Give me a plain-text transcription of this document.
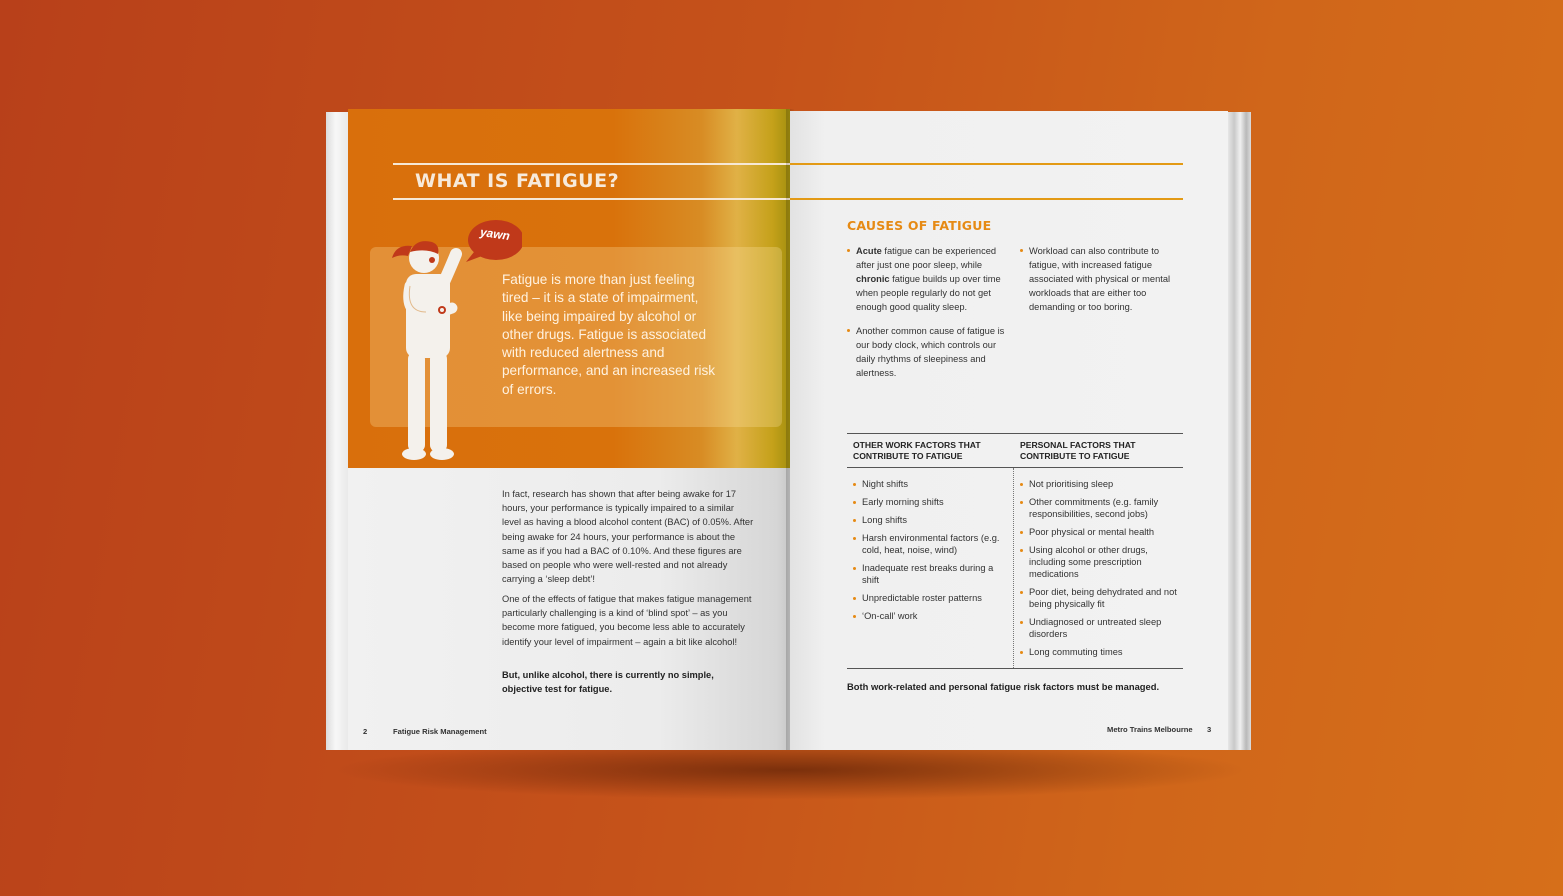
WHAT IS FATIGUE?
yawn

Fatigue is more than just feeling tired – it is a state of impairment, like being impaired by alcohol or other drugs. Fatigue is associated with reduced alertness and performance, and an increased risk of errors.

In fact, research has shown that after being awake for 17 hours, your performance is typically impaired to a similar level as having a blood alcohol content (BAC) of 0.05%. After being awake for 24 hours, your performance is about the same as if you had a BAC of 0.10%. And these figures are based on people who were well-rested and not already carrying a ‘sleep debt’!

One of the effects of fatigue that makes fatigue management particularly challenging is a kind of ‘blind spot’ – as you become more fatigued, you become less able to accurately identify your level of impairment – again a bit like alcohol!

But, unlike alcohol, there is currently no simple, objective test for fatigue.

2	Fatigue Risk Management
CAUSES OF FATIGUE
Acute fatigue can be experienced after just one poor sleep, while chronic fatigue builds up over time when people regularly do not get enough good quality sleep.
Another common cause of fatigue is our body clock, which controls our daily rhythms of sleepiness and alertness.
Workload can also contribute to fatigue, with increased fatigue associated with physical or mental workloads that are either too demanding or too boring.

OTHER WORK FACTORS THAT CONTRIBUTE TO FATIGUE

PERSONAL FACTORS THAT CONTRIBUTE TO FATIGUE

Night shifts
Early morning shifts
Long shifts
Harsh environmental factors (e.g. cold, heat, noise, wind)
Inadequate rest breaks during a shift
Unpredictable roster patterns
‘On-call’ work
Not prioritising sleep
Other commitments (e.g. family responsibilities, second jobs)
Poor physical or mental health
Using alcohol or other drugs, including some prescription medications
Poor diet, being dehydrated and not being physically fit
Undiagnosed or untreated sleep disorders
Long commuting times

Both work-related and personal fatigue risk factors must be managed.

Metro Trains Melbourne 3
